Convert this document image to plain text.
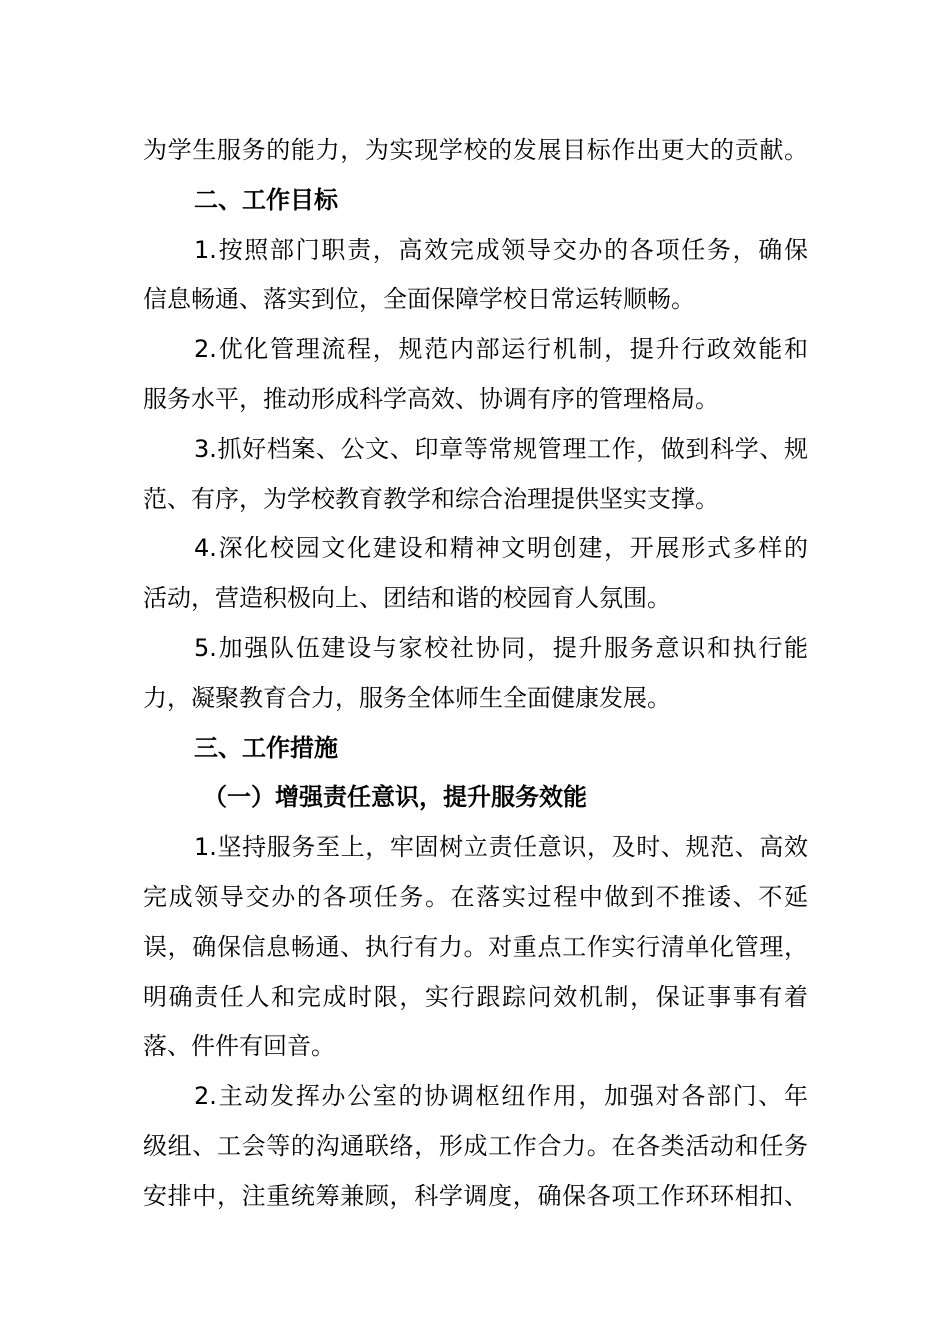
为学生服务的能力，为实现学校的发展目标作出更大的贡献。
二、工作目标
1.按照部门职责，高效完成领导交办的各项任务，确保
信息畅通、落实到位，全面保障学校日常运转顺畅。
2.优化管理流程，规范内部运行机制，提升行政效能和
服务水平，推动形成科学高效、协调有序的管理格局。
3.抓好档案、公文、印章等常规管理工作，做到科学、规
范、有序，为学校教育教学和综合治理提供坚实支撑。
4.深化校园文化建设和精神文明创建，开展形式多样的
活动，营造积极向上、团结和谐的校园育人氛围。
5.加强队伍建设与家校社协同，提升服务意识和执行能
力，凝聚教育合力，服务全体师生全面健康发展。
三、工作措施
（一）增强责任意识，提升服务效能
1.坚持服务至上，牢固树立责任意识，及时、规范、高效
完成领导交办的各项任务。在落实过程中做到不推诿、不延
误，确保信息畅通、执行有力。对重点工作实行清单化管理，
明确责任人和完成时限，实行跟踪问效机制，保证事事有着
落、件件有回音。
2.主动发挥办公室的协调枢纽作用，加强对各部门、年
级组、工会等的沟通联络，形成工作合力。在各类活动和任务
安排中，注重统筹兼顾，科学调度，确保各项工作环环相扣、
